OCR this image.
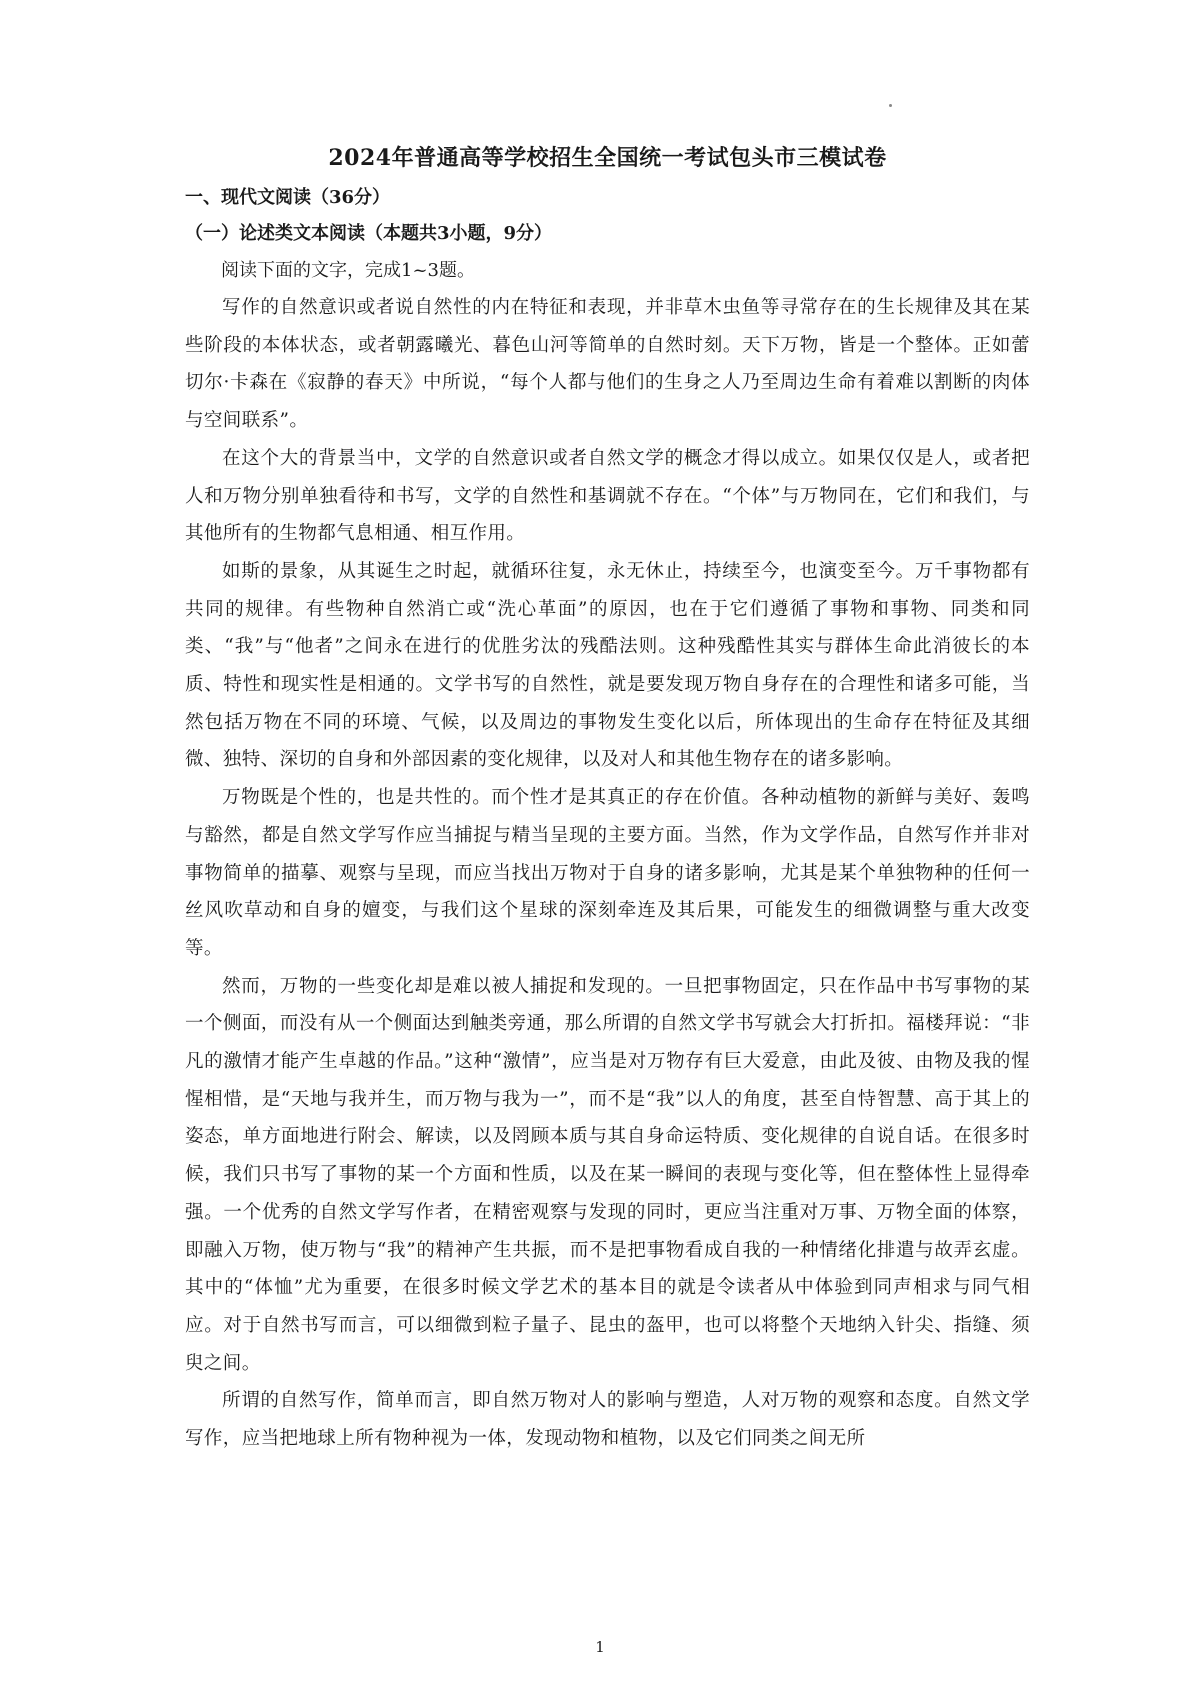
2024年普通高等学校招生全国统一考试包头市三模试卷
一、现代文阅读（36分）
（一）论述类文本阅读（本题共3小题，9分）

阅读下面的文字，完成1~3题。

写作的自然意识或者说自然性的内在特征和表现，并非草木虫鱼等寻常存在的生长规律及其在某些阶段的本体状态，或者朝露曦光、暮色山河等简单的自然时刻。天下万物，皆是一个整体。正如蕾切尔·卡森在《寂静的春天》中所说，“每个人都与他们的生身之人乃至周边生命有着难以割断的肉体与空间联系”。

在这个大的背景当中，文学的自然意识或者自然文学的概念才得以成立。如果仅仅是人，或者把人和万物分别单独看待和书写，文学的自然性和基调就不存在。“个体”与万物同在，它们和我们，与其他所有的生物都气息相通、相互作用。

如斯的景象，从其诞生之时起，就循环往复，永无休止，持续至今，也演变至今。万千事物都有共同的规律。有些物种自然消亡或“洗心革面”的原因，也在于它们遵循了事物和事物、同类和同类、“我”与“他者”之间永在进行的优胜劣汰的残酷法则。这种残酷性其实与群体生命此消彼长的本质、特性和现实性是相通的。文学书写的自然性，就是要发现万物自身存在的合理性和诸多可能，当然包括万物在不同的环境、气候，以及周边的事物发生变化以后，所体现出的生命存在特征及其细微、独特、深切的自身和外部因素的变化规律，以及对人和其他生物存在的诸多影响。

万物既是个性的，也是共性的。而个性才是其真正的存在价值。各种动植物的新鲜与美好、轰鸣与豁然，都是自然文学写作应当捕捉与精当呈现的主要方面。当然，作为文学作品，自然写作并非对事物简单的描摹、观察与呈现，而应当找出万物对于自身的诸多影响，尤其是某个单独物种的任何一丝风吹草动和自身的嬗变，与我们这个星球的深刻牵连及其后果，可能发生的细微调整与重大改变等。

然而，万物的一些变化却是难以被人捕捉和发现的。一旦把事物固定，只在作品中书写事物的某一个侧面，而没有从一个侧面达到触类旁通，那么所谓的自然文学书写就会大打折扣。福楼拜说：“非凡的激情才能产生卓越的作品。”这种“激情”，应当是对万物存有巨大爱意，由此及彼、由物及我的惺惺相惜，是“天地与我并生，而万物与我为一”，而不是“我”以人的角度，甚至自恃智慧、高于其上的姿态，单方面地进行附会、解读，以及罔顾本质与其自身命运特质、变化规律的自说自话。在很多时候，我们只书写了事物的某一个方面和性质，以及在某一瞬间的表现与变化等，但在整体性上显得牵强。一个优秀的自然文学写作者，在精密观察与发现的同时，更应当注重对万事、万物全面的体察，即融入万物，使万物与“我”的精神产生共振，而不是把事物看成自我的一种情绪化排遣与故弄玄虚。其中的“体恤”尤为重要，在很多时候文学艺术的基本目的就是令读者从中体验到同声相求与同气相应。对于自然书写而言，可以细微到粒子量子、昆虫的盔甲，也可以将整个天地纳入针尖、指缝、须臾之间。

所谓的自然写作，简单而言，即自然万物对人的影响与塑造，人对万物的观察和态度。自然文学写作，应当把地球上所有物种视为一体，发现动物和植物，以及它们同类之间无所

1
